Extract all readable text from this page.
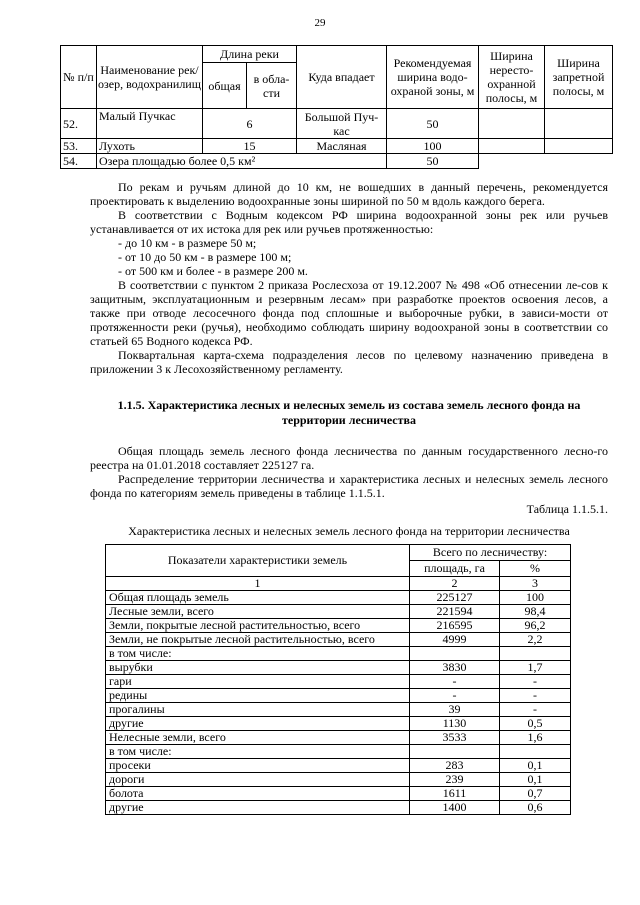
29
№ п/п	Наименование рек/озер, водохранилищ	Длина реки		Куда впадает	Рекомендуемая ширина водо-охраной зоны, м	Ширина нересто-охранной полосы, м	Ширина запретной полосы, м
		общая	в обла-сти				
52.	Малый Пучкас	6		Большой Пуч-кас	50		
53.	Лухоть	15		Масляная	100		
54.	Озера площадью более 0,5 км²				50		

По рекам и ручьям длиной до 10 км, не вошедших в данный перечень, рекомендуется проектировать к выделению водоохранные зоны шириной по 50 м вдоль каждого берега.

В соответствии с Водным кодексом РФ ширина водоохранной зоны рек или ручьев устанавливается от их истока для рек или ручьев протяженностью:

- до 10 км - в размере 50 м;

- от 10 до 50 км - в размере 100 м;

- от 500 км и более - в размере 200 м.

В соответствии с пунктом 2 приказа Рослесхоза от 19.12.2007 № 498 «Об отнесении ле-сов к защитным, эксплуатационным и резервным лесам» при разработке проектов освоения лесов, а также при отводе лесосечного фонда под сплошные и выборочные рубки, в зависи-мости от протяженности реки (ручья), необходимо соблюдать ширину водоохраной зоны в соответствии со статьей 65 Водного кодекса РФ.

Поквартальная карта-схема подразделения лесов по целевому назначению приведена в приложении 3 к Лесохозяйственному регламенту.

1.1.5. Характеристика лесных и нелесных земель из состава земель лесного фонда на территории лесничества

Общая площадь земель лесного фонда лесничества по данным государственного лесно-го реестра на 01.01.2018 составляет 225127 га.

Распределение территории лесничества и характеристика лесных и нелесных земель лесного фонда по категориям земель приведены в таблице 1.1.5.1.

Таблица 1.1.5.1.

Характеристика лесных и нелесных земель лесного фонда на территории лесничества

Показатели характеристики земель	Всего по лесничеству:	
	площадь, га	%
1	2	3
Общая площадь земель	225127	100
Лесные земли, всего	221594	98,4
Земли, покрытые лесной растительностью, всего	216595	96,2
Земли, не покрытые лесной растительностью, всего	4999	2,2
в том числе:		
вырубки	3830	1,7
гари	-	-
редины	-	-
прогалины	39	-
другие	1130	0,5
Нелесные земли, всего	3533	1,6
в том числе:		
просеки	283	0,1
дороги	239	0,1
болота	1611	0,7
другие	1400	0,6
